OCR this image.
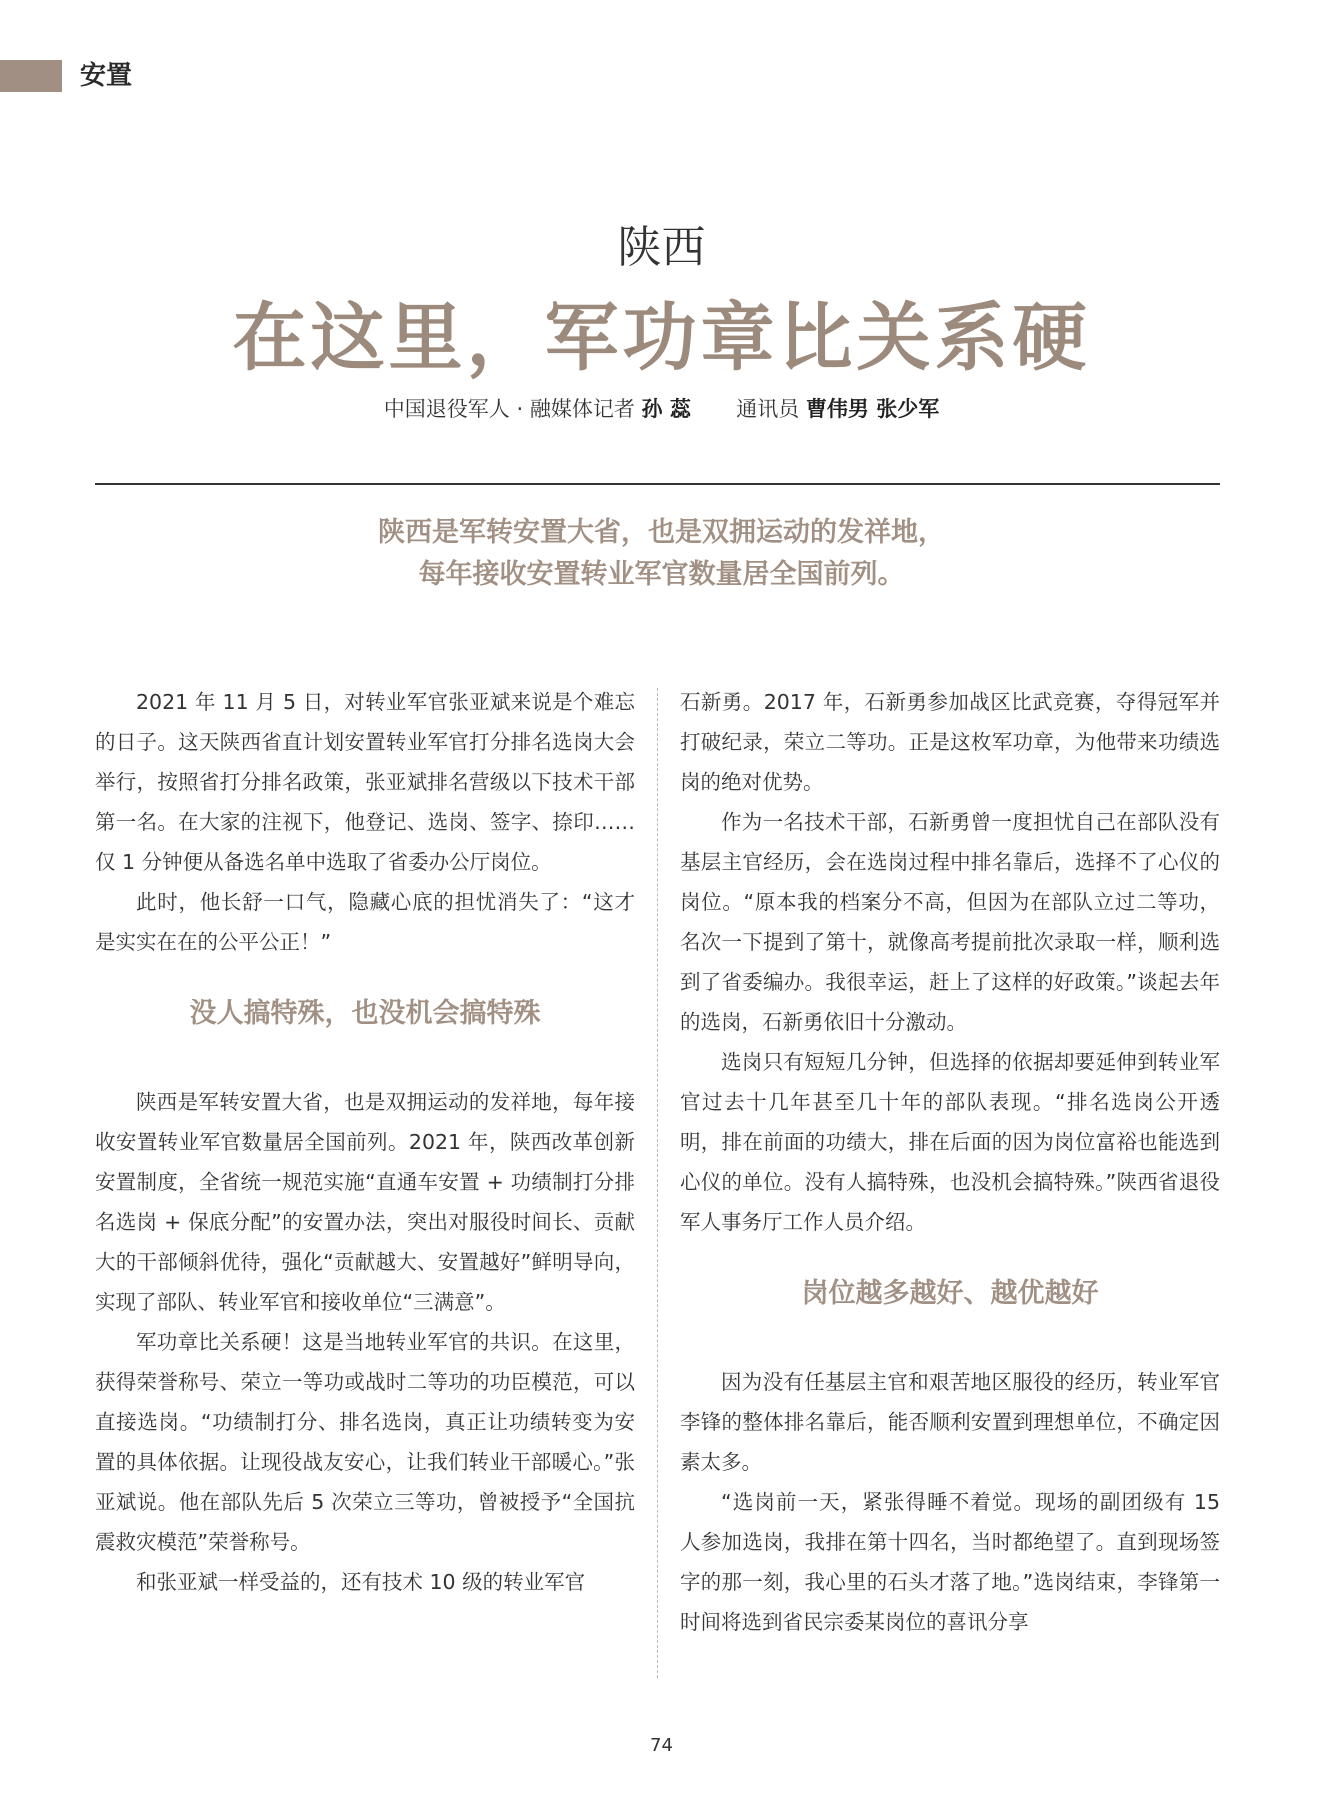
安置
陕西
在这里，军功章比关系硬
中国退役军人 · 融媒体记者 孙 蕊 通讯员 曹伟男 张少军
陕西是军转安置大省，也是双拥运动的发祥地，
每年接收安置转业军官数量居全国前列。

2021 年 11 月 5 日，对转业军官张亚斌来说是个难忘的日子。这天陕西省直计划安置转业军官打分排名选岗大会举行，按照省打分排名政策，张亚斌排名营级以下技术干部第一名。在大家的注视下，他登记、选岗、签字、捺印……仅 1 分钟便从备选名单中选取了省委办公厅岗位。

此时，他长舒一口气，隐藏心底的担忧消失了：“这才是实实在在的公平公正！”

没人搞特殊，也没机会搞特殊

陕西是军转安置大省，也是双拥运动的发祥地，每年接收安置转业军官数量居全国前列。2021 年，陕西改革创新安置制度，全省统一规范实施“直通车安置 + 功绩制打分排名选岗 + 保底分配”的安置办法，突出对服役时间长、贡献大的干部倾斜优待，强化“贡献越大、安置越好”鲜明导向，实现了部队、转业军官和接收单位“三满意”。

军功章比关系硬！这是当地转业军官的共识。在这里，获得荣誉称号、荣立一等功或战时二等功的功臣模范，可以直接选岗。“功绩制打分、排名选岗，真正让功绩转变为安置的具体依据。让现役战友安心，让我们转业干部暖心。”张亚斌说。他在部队先后 5 次荣立三等功，曾被授予“全国抗震救灾模范”荣誉称号。

和张亚斌一样受益的，还有技术 10 级的转业军官

石新勇。2017 年，石新勇参加战区比武竞赛，夺得冠军并打破纪录，荣立二等功。正是这枚军功章，为他带来功绩选岗的绝对优势。

作为一名技术干部，石新勇曾一度担忧自己在部队没有基层主官经历，会在选岗过程中排名靠后，选择不了心仪的岗位。“原本我的档案分不高，但因为在部队立过二等功，名次一下提到了第十，就像高考提前批次录取一样，顺利选到了省委编办。我很幸运，赶上了这样的好政策。”谈起去年的选岗，石新勇依旧十分激动。

选岗只有短短几分钟，但选择的依据却要延伸到转业军官过去十几年甚至几十年的部队表现。“排名选岗公开透明，排在前面的功绩大，排在后面的因为岗位富裕也能选到心仪的单位。没有人搞特殊，也没机会搞特殊。”陕西省退役军人事务厅工作人员介绍。

岗位越多越好、越优越好

因为没有任基层主官和艰苦地区服役的经历，转业军官李锋的整体排名靠后，能否顺利安置到理想单位，不确定因素太多。

“选岗前一天，紧张得睡不着觉。现场的副团级有 15 人参加选岗，我排在第十四名，当时都绝望了。直到现场签字的那一刻，我心里的石头才落了地。”选岗结束，李锋第一时间将选到省民宗委某岗位的喜讯分享

74
